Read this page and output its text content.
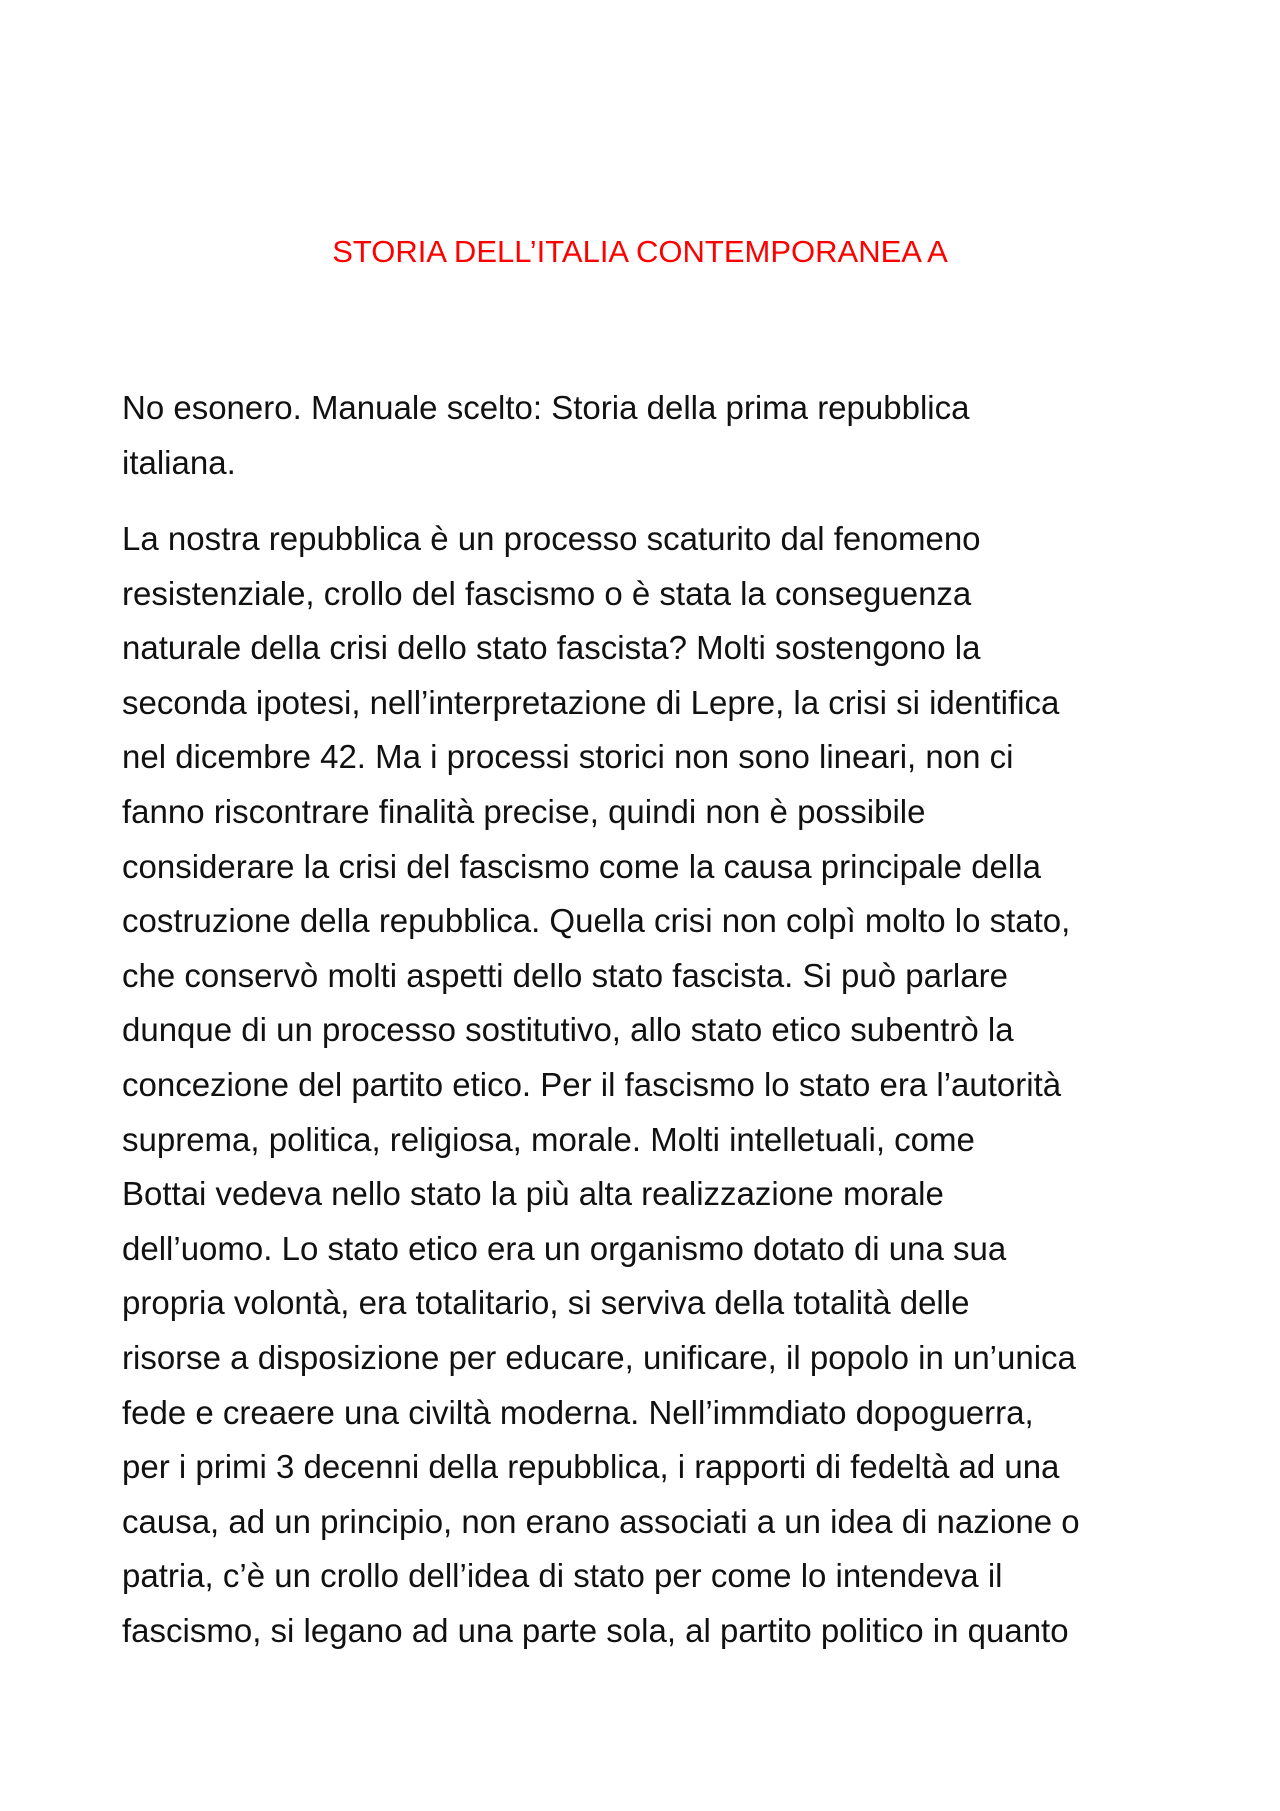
STORIA DELL’ITALIA CONTEMPORANEA A

No esonero. Manuale scelto: Storia della prima repubblica
italiana.

La nostra repubblica è un processo scaturito dal fenomeno
resistenziale, crollo del fascismo o è stata la conseguenza
naturale della crisi dello stato fascista? Molti sostengono la
seconda ipotesi, nell’interpretazione di Lepre, la crisi si identifica
nel dicembre 42. Ma i processi storici non sono lineari, non ci
fanno riscontrare finalità precise, quindi non è possibile
considerare la crisi del fascismo come la causa principale della
costruzione della repubblica. Quella crisi non colpì molto lo stato,
che conservò molti aspetti dello stato fascista. Si può parlare
dunque di un processo sostitutivo, allo stato etico subentrò la
concezione del partito etico. Per il fascismo lo stato era l’autorità
suprema, politica, religiosa, morale. Molti intelletuali, come
Bottai vedeva nello stato la più alta realizzazione morale
dell’uomo. Lo stato etico era un organismo dotato di una sua
propria volontà, era totalitario, si serviva della totalità delle
risorse a disposizione per educare, unificare, il popolo in un’unica
fede e creaere una civiltà moderna. Nell’immdiato dopoguerra,
per i primi 3 decenni della repubblica, i rapporti di fedeltà ad una
causa, ad un principio, non erano associati a un idea di nazione o
patria, c’è un crollo dell’idea di stato per come lo intendeva il
fascismo, si legano ad una parte sola, al partito politico in quanto
